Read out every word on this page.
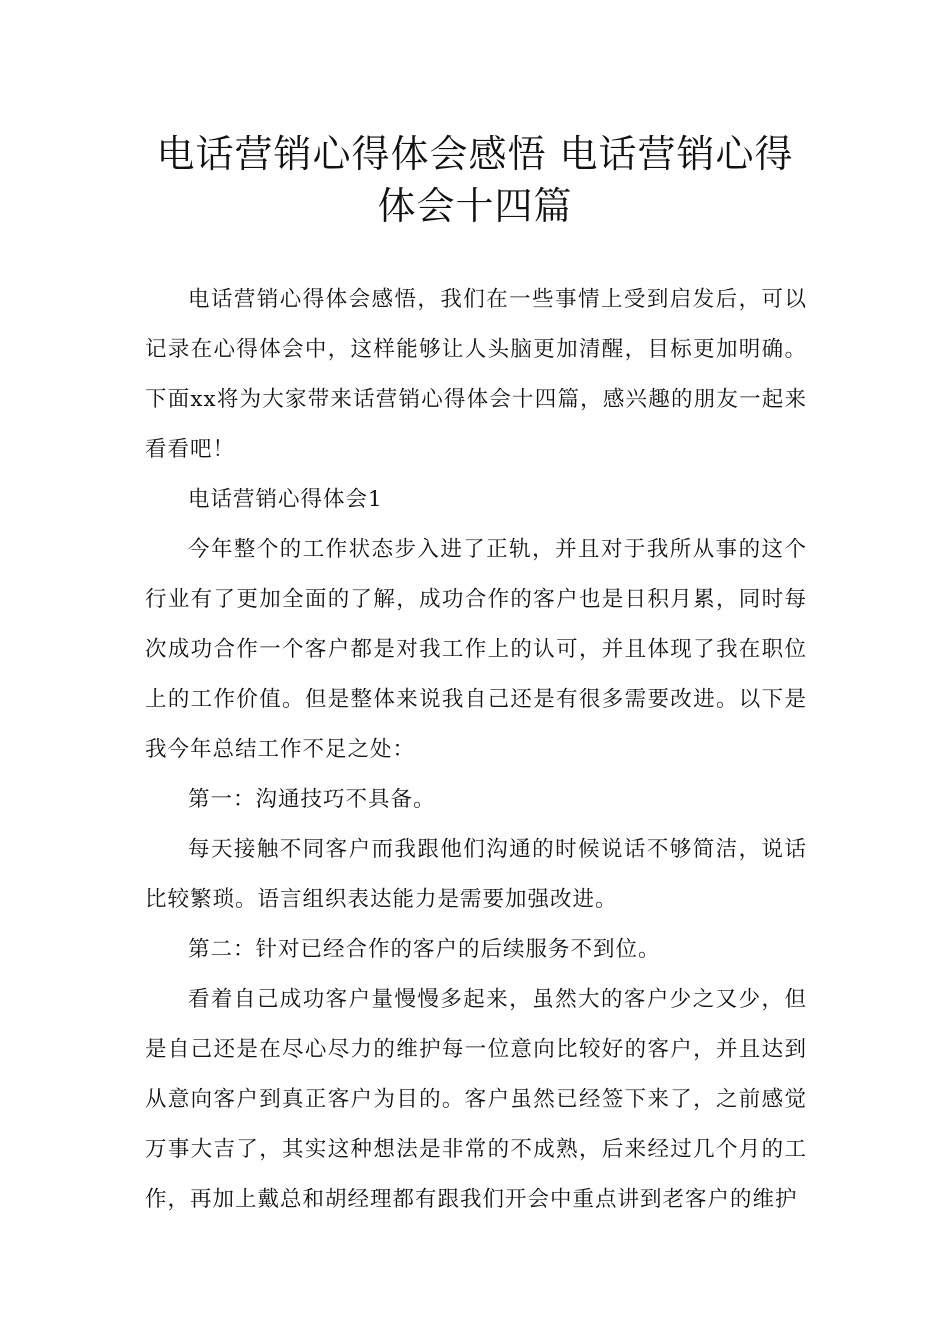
电话营销心得体会感悟 电话营销心得体会十四篇

电话营销心得体会感悟，我们在一些事情上受到启发后，可以记录在心得体会中，这样能够让人头脑更加清醒，目标更加明确。下面xx将为大家带来话营销心得体会十四篇，感兴趣的朋友一起来看看吧！

电话营销心得体会1

今年整个的工作状态步入进了正轨，并且对于我所从事的这个行业有了更加全面的了解，成功合作的客户也是日积月累，同时每次成功合作一个客户都是对我工作上的认可，并且体现了我在职位上的工作价值。但是整体来说我自己还是有很多需要改进。以下是我今年总结工作不足之处：

第一：沟通技巧不具备。

每天接触不同客户而我跟他们沟通的时候说话不够简洁，说话比较繁琐。语言组织表达能力是需要加强改进。

第二：针对已经合作的客户的后续服务不到位。

看着自己成功客户量慢慢多起来，虽然大的客户少之又少，但是自己还是在尽心尽力的维护每一位意向比较好的客户，并且达到从意向客户到真正客户为目的。客户虽然已经签下来了，之前感觉万事大吉了，其实这种想法是非常的不成熟，后来经过几个月的工作，再加上戴总和胡经理都有跟我们开会中重点讲到老客户的维护
